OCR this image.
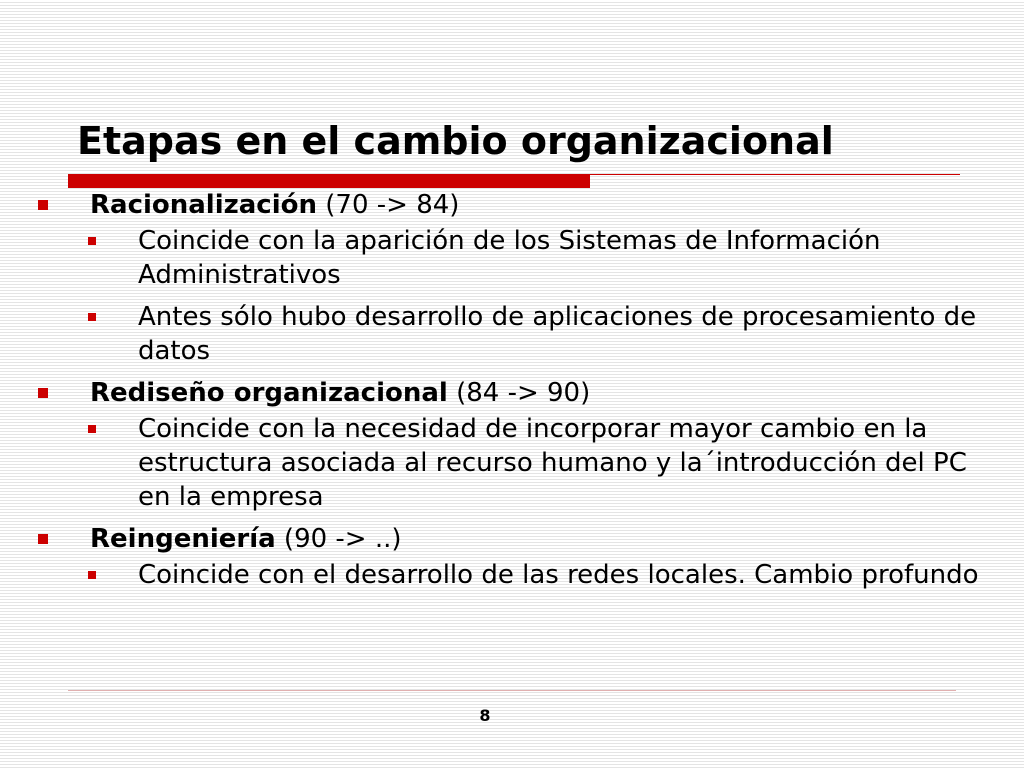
Etapas en el cambio organizacional
Racionalización (70 -> 84)
Coincide con la aparición de los Sistemas de Información Administrativos
Antes sólo hubo desarrollo de aplicaciones de procesamiento de datos
Rediseño organizacional (84 -> 90)
Coincide con la necesidad de incorporar mayor cambio en la estructura asociada al recurso humano y la´introducción del PC en la empresa
Reingeniería (90 -> ..)
Coincide con el desarrollo de las redes locales. Cambio profundo
8
